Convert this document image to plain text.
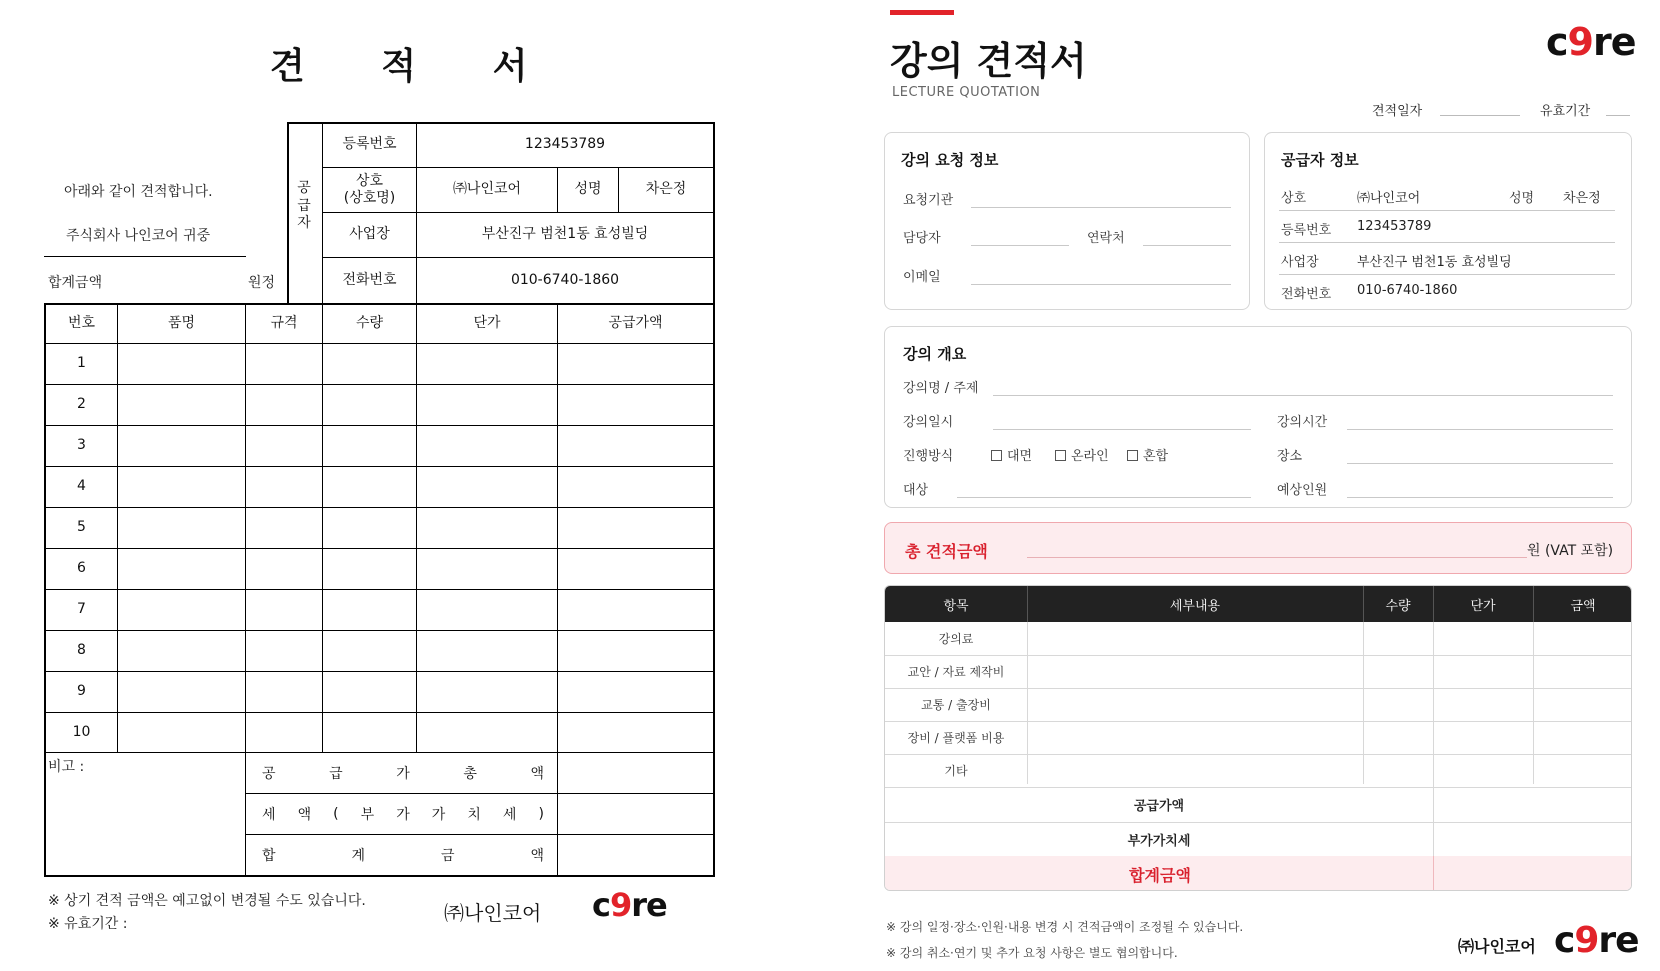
견 적 서
아래와 같이 견적합니다.
주식회사 나인코어 귀중
합계금액	원정
공 급 자
등록번호	123453789
상호
(상호명)
㈜나인코어	성명	차은정
사업장	부산진구 범천1동 효성빌딩
전화번호	010-6740-1860
번호	품명	규격	수량	단가	공급가액
1
2
3
4
5
6
7
8
9
10
비고 :	공	급	가	총	액
세 액 ( 부 가 가 치 세 )
합	계	금	액
※ 상기 견적 금액은 예고없이 변경될 수도 있습니다.
※ 유효기간 :	㈜나인코어 c9re
강의 견적서
LECTURE QUOTATION
c9re
견적일자	유효기간
강의 요청 정보
요청기관
담당자	연락처
이메일
공급자 정보
상호	㈜나인코어	성명 차은정
등록번호 123453789
사업장	부산진구 범천1동 효성빌딩
전화번호 010-6740-1860
강의 개요
강의명 / 주제
강의일시	강의시간
진행방식	대면	온라인	혼합	장소
대상	예상인원
총 견적금액	원 (VAT 포함)
항목	세부내용	수량	단가	금액
강의료
교안 / 자료 제작비
교통 / 출장비
장비 / 플랫폼 비용
기타
공급가액
부가가치세
합계금액
※ 강의 일정·장소·인원·내용 변경 시 견적금액이 조정될 수 있습니다.
※ 강의 취소·연기 및 추가 요청 사항은 별도 협의합니다.	㈜나인코어 c9re
